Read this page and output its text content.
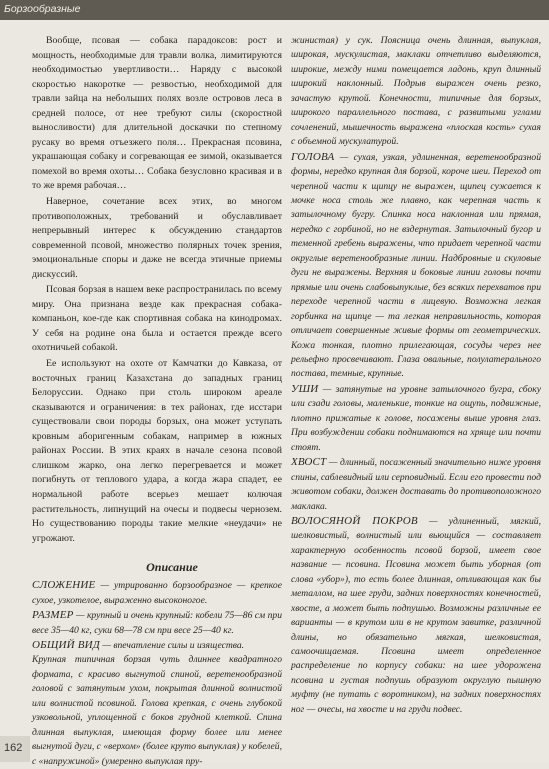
Борзообразные

Вообще, псовая — собака парадоксов: рост и мощность, необходимые для травли волка, лимитируются необходимостью увертливости… Наряду с высокой скоростью накоротке — резвостью, необходимой для травли зайца на небольших полях возле островов леса в средней полосе, от нее требуют силы (скоростной выносливости) для длительной доскачки по степному русаку во время отъезжего поля… Прекрасная псовина, украшающая собаку и согревающая ее зимой, оказывается помехой во время охоты… Собака безусловно красивая и в то же время рабочая…

Наверное, сочетание всех этих, во многом противоположных, требований и обуславливает непрерывный интерес к обсуждению стандартов современной псовой, множество полярных точек зрения, эмоциональные споры и даже не всегда этичные приемы дискуссий.

Псовая борзая в нашем веке распространилась по всему миру. Она признана везде как прекрасная собака-компаньон, кое-где как спортивная собака на кинодромах. У себя на родине она была и остается прежде всего охотничьей собакой.

Ее используют на охоте от Камчатки до Кавказа, от восточных границ Казахстана до западных границ Белоруссии. Однако при столь широком ареале сказываются и ограничения: в тех районах, где исстари существовали свои породы борзых, она может уступать кровным аборигенным собакам, например в южных районах России. В этих краях в начале сезона псовой слишком жарко, она легко перегревается и может погибнуть от теплового удара, а когда жара спадет, ее нормальной работе всерьез мешает колючая растительность, липнущий на очесы и подвесы чернозем. Но существованию породы такие мелкие «неудачи» не угрожают.

Описание

СЛОЖЕНИЕ — утрированно борзообразное — крепкое сухое, узкотелое, выраженно высоконогое.

РАЗМЕР — крупный и очень крупный: кобели 75—86 см при весе 35—40 кг, суки 68—78 см при весе 25—40 кг.

ОБЩИЙ ВИД — впечатление силы и изящества.

Крупная типичная борзая чуть длиннее квадратного формата, с красиво выгнутой спиной, веретенообразной головой с затянутым ухом, покрытая длинной волнистой или волнистой псовиной. Голова крепкая, с очень глубокой узковольной, уплощенной с боков грудной клеткой. Спина длинная выпуклая, имеющая форму более или менее выгнутой дуги, с «верхом» (более круто выпуклая) у кобелей, с «напружиной» (умеренно выпуклая пру-

жинистая) у сук. Поясница очень длинная, выпуклая, широкая, мускулистая, маклаки отчетливо выделяются, широкие, между ними помещается ладонь, круп длинный широкий наклонный. Подрыв выражен очень резко, зачастую крутой. Конечности, типичные для борзых, широкого параллельного постава, с развитыми углами сочленений, мышечность выражена «плоская кость» сухая с объемной мускулатурой.

ГОЛОВА — сухая, узкая, удлиненная, веретенообразной формы, нередко крупная для борзой, короче шеи. Переход от черепной части к щипцу не выражен, щипец сужается к мочке носа столь же плавно, как черепная часть к затылочному бугру. Спинка носа наклонная или прямая, нередко с горбиной, но не вздернутая. Затылочный бугор и теменной гребень выражены, что придает черепной части округлые веретенообразные линии. Надбровные и скуловые дуги не выражены. Верхняя и боковые линии головы почти прямые или очень слабовыпуклые, без всяких перехватов при переходе черепной части в лицевую. Возможна легкая горбинка на щипце — та легкая неправильность, которая отличает совершенные живые формы от геометрических. Кожа тонкая, плотно прилегающая, сосуды через нее рельефно просвечивают. Глаза овальные, полулатерального постава, темные, крупные.

УШИ — затянутые на уровне затылочного бугра, сбоку или сзади головы, маленькие, тонкие на ощупь, подвижные, плотно прижатые к голове, посажены выше уровня глаз. При возбуждении собаки поднимаются на хряще или почти стоят.

ХВОСТ — длинный, посаженный значительно ниже уровня спины, саблевидный или серповидный. Если его провести под животом собаки, должен доставать до противоположного маклака.

ВОЛОСЯНОЙ ПОКРОВ — удлиненный, мягкий, шелковистый, волнистый или вьющийся — составляет характерную особенность псовой борзой, имеет свое название — псовина. Псовина может быть уборная (от слова «убор»), то есть более длинная, отливающая как бы металлом, на шее груди, задних поверхностях конечностей, хвосте, а может быть подпушью. Возможны различные ее варианты — в крутом или в не крутом завитке, различной длины, но обязательно мягкая, шелковистая, самоочищаемая. Псовина имеет определенное распределение по корпусу собаки: на шее удорожена псовина и густая подпушь образуют округлую пышную муфту (не путать с воротником), на задних поверхностях ног — очесы, на хвосте и на груди подвес.

162
